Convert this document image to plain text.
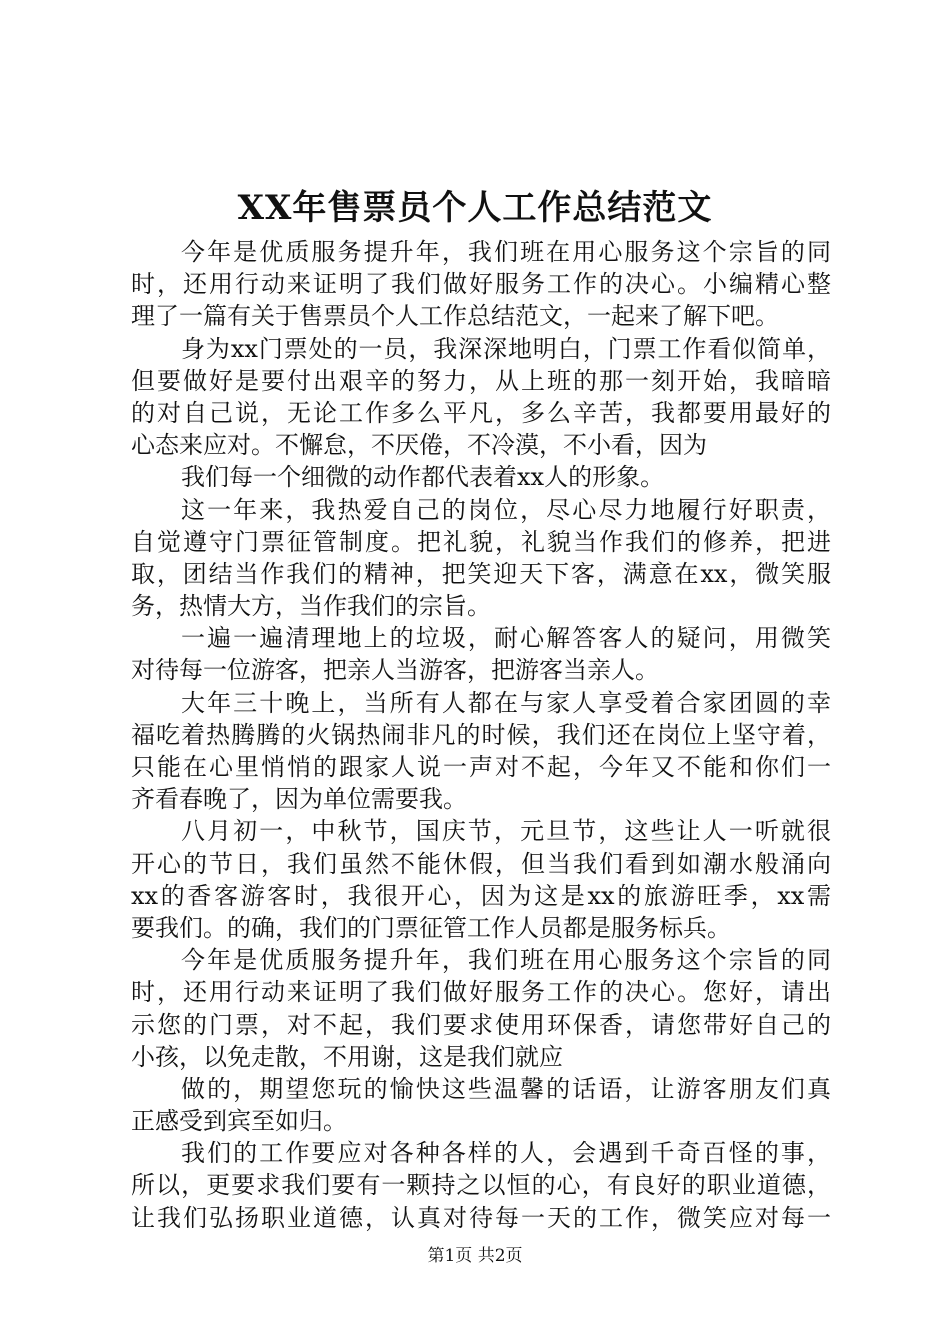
XX年售票员个人工作总结范文
今年是优质服务提升年，我们班在用心服务这个宗旨的同
时，还用行动来证明了我们做好服务工作的决心。小编精心整
理了一篇有关于售票员个人工作总结范文，一起来了解下吧。
身为xx门票处的一员，我深深地明白，门票工作看似简单，
但要做好是要付出艰辛的努力，从上班的那一刻开始，我暗暗
的对自己说，无论工作多么平凡，多么辛苦，我都要用最好的
心态来应对。不懈怠，不厌倦，不冷漠，不小看，因为
我们每一个细微的动作都代表着xx人的形象。
这一年来，我热爱自己的岗位，尽心尽力地履行好职责，
自觉遵守门票征管制度。把礼貌，礼貌当作我们的修养，把进
取，团结当作我们的精神，把笑迎天下客，满意在xx，微笑服
务，热情大方，当作我们的宗旨。
一遍一遍清理地上的垃圾，耐心解答客人的疑问，用微笑
对待每一位游客，把亲人当游客，把游客当亲人。
大年三十晚上，当所有人都在与家人享受着合家团圆的幸
福吃着热腾腾的火锅热闹非凡的时候，我们还在岗位上坚守着，
只能在心里悄悄的跟家人说一声对不起，今年又不能和你们一
齐看春晚了，因为单位需要我。
八月初一，中秋节，国庆节，元旦节，这些让人一听就很
开心的节日，我们虽然不能休假，但当我们看到如潮水般涌向
xx的香客游客时，我很开心，因为这是xx的旅游旺季，xx需
要我们。的确，我们的门票征管工作人员都是服务标兵。
今年是优质服务提升年，我们班在用心服务这个宗旨的同
时，还用行动来证明了我们做好服务工作的决心。您好，请出
示您的门票，对不起，我们要求使用环保香，请您带好自己的
小孩，以免走散，不用谢，这是我们就应
做的，期望您玩的愉快这些温馨的话语，让游客朋友们真
正感受到宾至如归。
我们的工作要应对各种各样的人，会遇到千奇百怪的事，
所以，更要求我们要有一颗持之以恒的心，有良好的职业道德，
让我们弘扬职业道德，认真对待每一天的工作，微笑应对每一
第1页 共2页
